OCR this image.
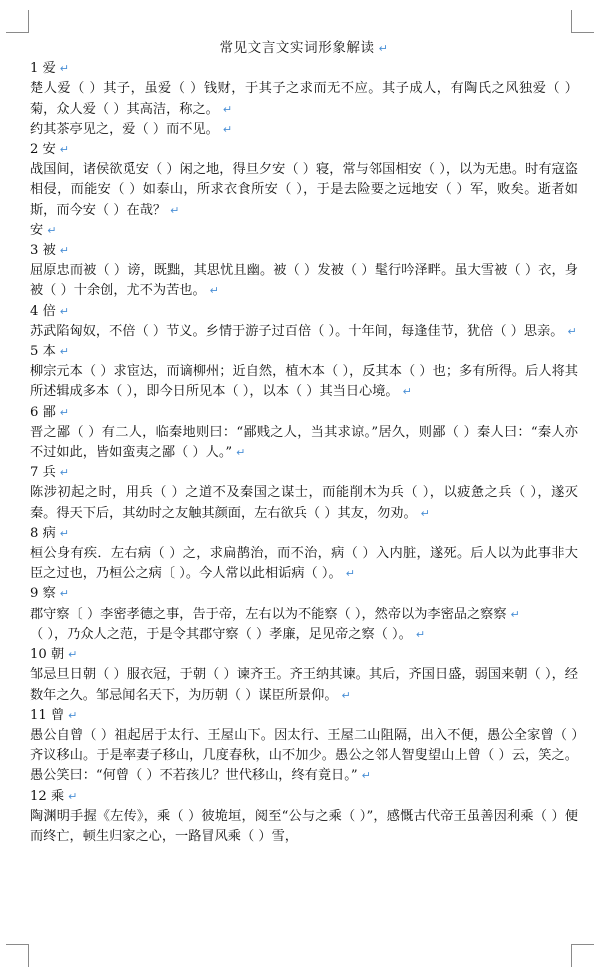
常见文言文实词形象解读 ↵

1 爱 ↵

楚人爱（ ）其子，虽爱（ ）钱财，于其子之求而无不应。其子成人，有陶氏之风独爱（ ）菊，众人爱（ ）其高洁，称之。 ↵

约其茶亭见之，爱（ ）而不见。 ↵

2 安 ↵

战国间，诸侯欲觅安（ ）闲之地，得旦夕安（ ）寝，常与邻国相安（ ），以为无患。时有寇盗相侵，而能安（ ）如泰山，所求衣食所安（ ），于是去险要之远地安（ ）军，败矣。逝者如斯，而今安（ ）在哉？ ↵

安 ↵

3 被 ↵

屈原忠而被（ ）谤，既黜，其思忧且幽。被（ ）发被（ ）髦行吟泽畔。虽大雪被（ ）衣，身被（ ）十余创，尤不为苦也。 ↵

4 倍 ↵

苏武陷匈奴，不倍（ ）节义。乡情于游子过百倍（ ）。十年间，每逢佳节，犹倍（ ）思亲。 ↵

5 本 ↵

柳宗元本（ ）求宦达，而谪柳州；近自然，植木本（ ），反其本（ ）也；多有所得。后人将其所述辑成多本（ ），即今日所见本（ ），以本（ ）其当日心境。 ↵

6 鄙 ↵

晋之鄙（ ）有二人，临秦地则曰：“鄙贱之人，当其求谅。”居久，则鄙（ ）秦人曰：“秦人亦不过如此，皆如蛮夷之鄙（ ）人。” ↵

7 兵 ↵

陈涉初起之时，用兵（ ）之道不及秦国之谋士，而能削木为兵（ ），以疲惫之兵（ ），遂灭秦。得天下后，其幼时之友触其颜面，左右欲兵（ ）其友，勿劝。 ↵

8 病 ↵

桓公身有疾．左右病（ ）之，求扁鹊治，而不治，病（ ）入内脏，遂死。后人以为此事非大臣之过也，乃桓公之病〔 ）。今人常以此相诟病（ ）。 ↵

9 察 ↵

郡守察〔 ）李密孝德之事，告于帝，左右以为不能察（ ），然帝以为李密品之察察 ↵

（ ），乃众人之范，于是令其郡守察（ ）孝廉，足见帝之察（ ）。 ↵

10 朝 ↵

邹忌旦日朝（ ）服衣冠，于朝（ ）谏齐王。齐王纳其谏。其后，齐国日盛，弱国来朝（ ），经数年之久。邹忌闻名天下，为历朝（ ）谋臣所景仰。 ↵

11 曾 ↵

愚公自曾（ ）祖起居于太行、王屋山下。因太行、王屋二山阻隔，出入不便，愚公全家曾（ ）齐议移山。于是率妻子移山，几度春秋，山不加少。愚公之邻人智叟望山上曾（ ）云，笑之。愚公笑曰：“何曾（ ）不若孩儿？世代移山，终有竟日。” ↵

12 乘 ↵

陶渊明手握《左传》，乘（ ）彼垝垣，阅至“公与之乘（ ）”，感慨古代帝王虽善因利乘（ ）便而终亡，顿生归家之心，一路冒风乘（ ）雪，
